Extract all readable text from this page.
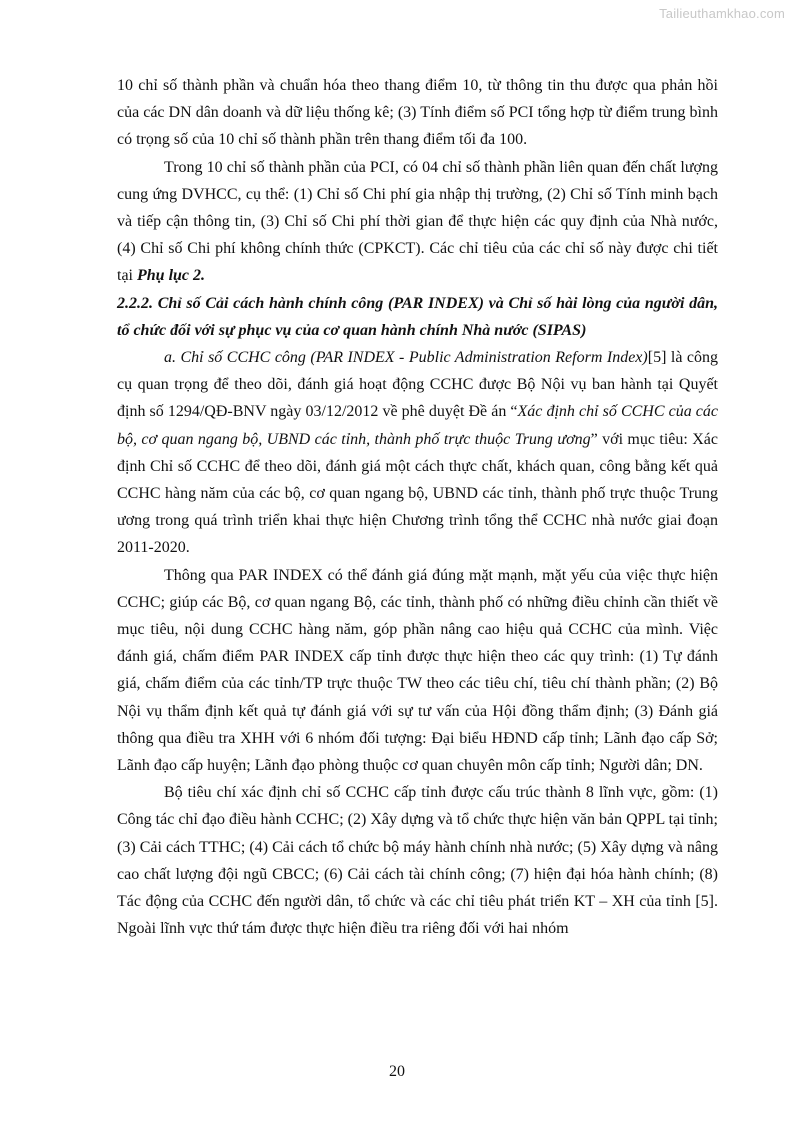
Tailieuthamkhao.com

10 chỉ số thành phần và chuẩn hóa theo thang điểm 10, từ thông tin thu được qua phản hồi của các DN dân doanh và dữ liệu thống kê; (3) Tính điểm số PCI tổng hợp từ điểm trung bình có trọng số của 10 chỉ số thành phần trên thang điểm tối đa 100.

Trong 10 chỉ số thành phần của PCI, có 04 chỉ số thành phần liên quan đến chất lượng cung ứng DVHCC, cụ thể: (1) Chỉ số Chi phí gia nhập thị trường, (2) Chỉ số Tính minh bạch và tiếp cận thông tin, (3) Chỉ số Chi phí thời gian để thực hiện các quy định của Nhà nước, (4) Chỉ số Chi phí không chính thức (CPKCT). Các chỉ tiêu của các chỉ số này được chi tiết tại Phụ lục 2.

2.2.2. Chỉ số Cải cách hành chính công (PAR INDEX) và Chỉ số hài lòng của người dân, tổ chức đối với sự phục vụ của cơ quan hành chính Nhà nước (SIPAS)

a. Chỉ số CCHC công (PAR INDEX - Public Administration Reform Index)[5] là công cụ quan trọng để theo dõi, đánh giá hoạt động CCHC được Bộ Nội vụ ban hành tại Quyết định số 1294/QĐ-BNV ngày 03/12/2012 về phê duyệt Đề án “Xác định chỉ số CCHC của các bộ, cơ quan ngang bộ, UBND các tỉnh, thành phố trực thuộc Trung ương” với mục tiêu: Xác định Chỉ số CCHC để theo dõi, đánh giá một cách thực chất, khách quan, công bằng kết quả CCHC hàng năm của các bộ, cơ quan ngang bộ, UBND các tỉnh, thành phố trực thuộc Trung ương trong quá trình triển khai thực hiện Chương trình tổng thể CCHC nhà nước giai đoạn 2011-2020.

Thông qua PAR INDEX có thể đánh giá đúng mặt mạnh, mặt yếu của việc thực hiện CCHC; giúp các Bộ, cơ quan ngang Bộ, các tỉnh, thành phố có những điều chỉnh cần thiết về mục tiêu, nội dung CCHC hàng năm, góp phần nâng cao hiệu quả CCHC của mình. Việc đánh giá, chấm điểm PAR INDEX cấp tỉnh được thực hiện theo các quy trình: (1) Tự đánh giá, chấm điểm của các tỉnh/TP trực thuộc TW theo các tiêu chí, tiêu chí thành phần; (2) Bộ Nội vụ thẩm định kết quả tự đánh giá với sự tư vấn của Hội đồng thẩm định; (3) Đánh giá thông qua điều tra XHH với 6 nhóm đối tượng: Đại biểu HĐND cấp tỉnh; Lãnh đạo cấp Sở; Lãnh đạo cấp huyện; Lãnh đạo phòng thuộc cơ quan chuyên môn cấp tỉnh; Người dân; DN.

Bộ tiêu chí xác định chỉ số CCHC cấp tỉnh được cấu trúc thành 8 lĩnh vực, gồm: (1) Công tác chỉ đạo điều hành CCHC; (2) Xây dựng và tổ chức thực hiện văn bản QPPL tại tỉnh; (3) Cải cách TTHC; (4) Cải cách tổ chức bộ máy hành chính nhà nước; (5) Xây dựng và nâng cao chất lượng đội ngũ CBCC; (6) Cải cách tài chính công; (7) hiện đại hóa hành chính; (8) Tác động của CCHC đến người dân, tổ chức và các chỉ tiêu phát triển KT – XH của tỉnh [5]. Ngoài lĩnh vực thứ tám được thực hiện điều tra riêng đối với hai nhóm

20
